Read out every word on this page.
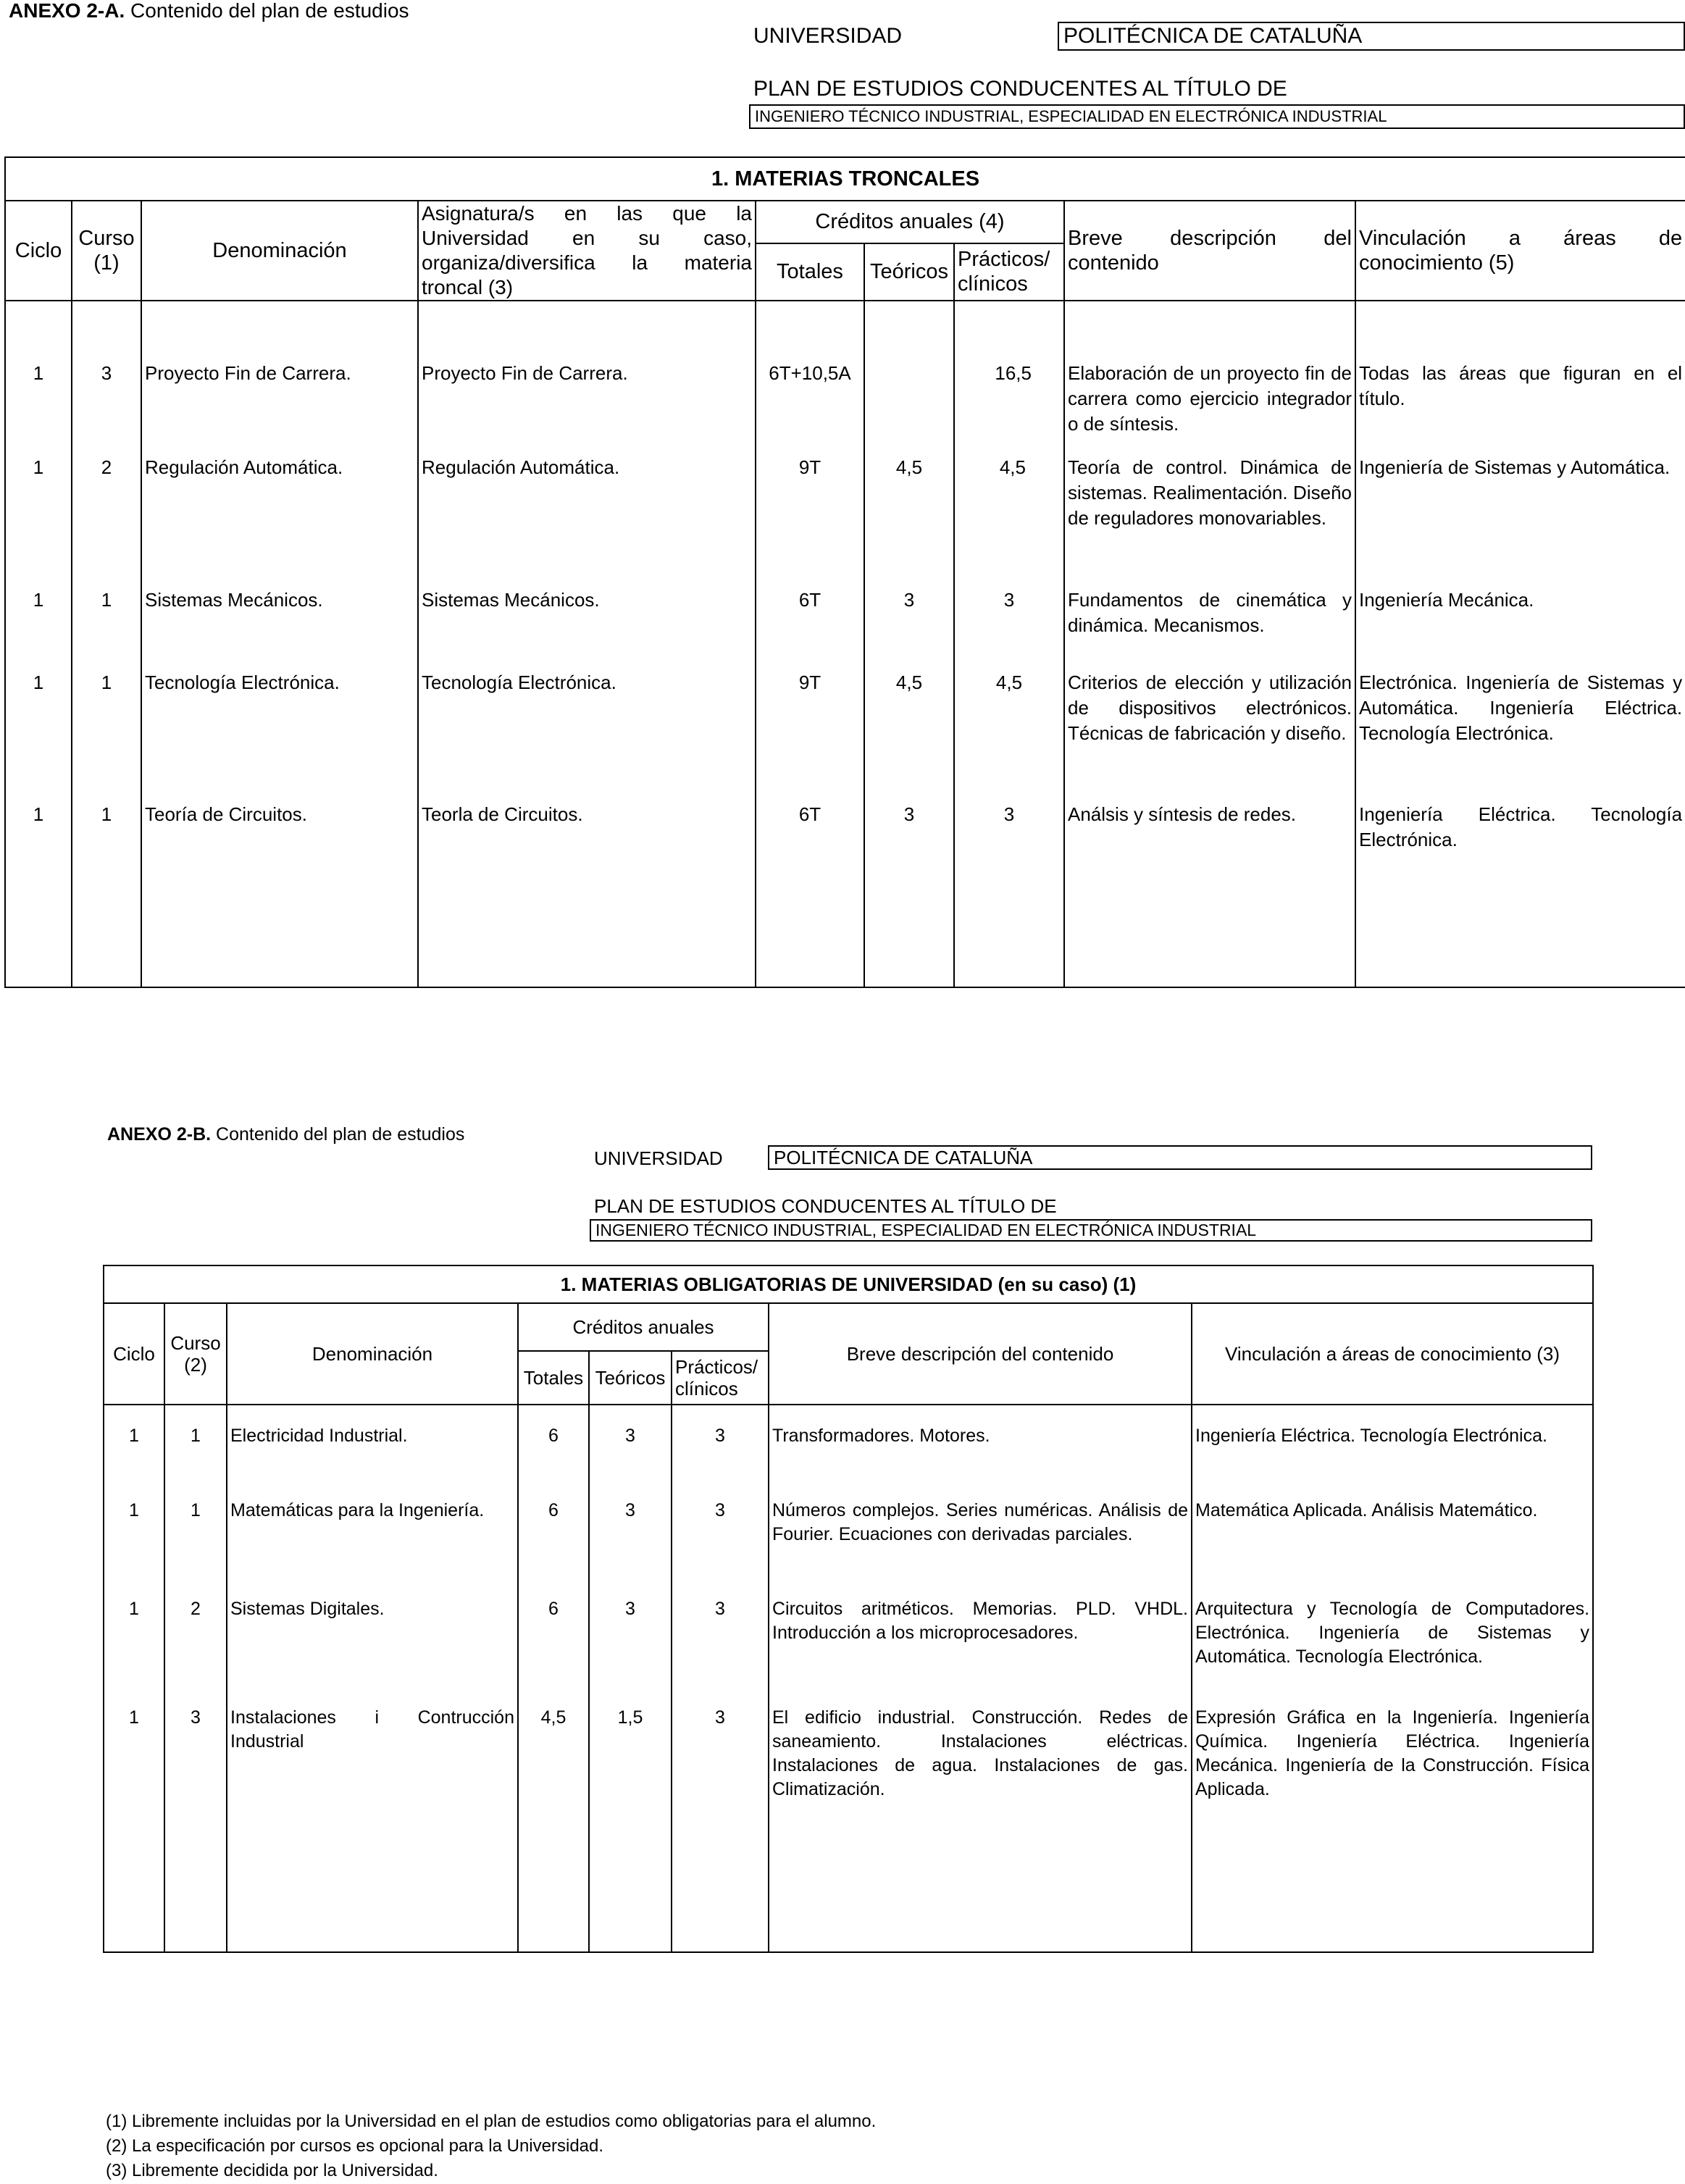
ANEXO 2-A. Contenido del plan de estudios
UNIVERSIDAD	POLITÉCNICA DE CATALUÑA
PLAN DE ESTUDIOS CONDUCENTES AL TÍTULO DE
INGENIERO TÉCNICO INDUSTRIAL, ESPECIALIDAD EN ELECTRÓNICA INDUSTRIAL
1. MATERIAS TRONCALES								
Ciclo	Curso (1)	Denominación	Asignatura/s en las que la Universidad en su caso, organiza/diversifica la materia troncal (3)	Créditos anuales (4)			Breve descripción del contenido	Vinculación a áreas de conocimiento (5)
				Totales	Teóricos	Prácticos/ clínicos		
1	3	Proyecto Fin de Carrera.	Proyecto Fin de Carrera.	6T+10,5A		16,5	Elaboración de un proyecto fin de carrera como ejercicio integrador o de síntesis.	Todas las áreas que figuran en el título.
1	2	Regulación Automática.	Regulación Automática.	9T	4,5	4,5	Teoría de control. Dinámica de sistemas. Realimentación. Diseño de reguladores monovariables.	Ingeniería de Sistemas y Automática.
1	1	Sistemas Mecánicos.	Sistemas Mecánicos.	6T	3	3	Fundamentos de cinemática y dinámica. Mecanismos.	Ingeniería Mecánica.
1	1	Tecnología Electrónica.	Tecnología Electrónica.	9T	4,5	4,5	Criterios de elección y utilización de dispositivos electrónicos. Técnicas de fabricación y diseño.	Electrónica. Ingeniería de Sistemas y Automática. Ingeniería Eléctrica. Tecnología Electrónica.
1	1	Teoría de Circuitos.	Teorla de Circuitos.	6T	3	3	Análsis y síntesis de redes.	Ingeniería Eléctrica. Tecnología Electrónica.
ANEXO 2-B. Contenido del plan de estudios
UNIVERSIDAD	POLITÉCNICA DE CATALUÑA
PLAN DE ESTUDIOS CONDUCENTES AL TÍTULO DE
INGENIERO TÉCNICO INDUSTRIAL, ESPECIALIDAD EN ELECTRÓNICA INDUSTRIAL
1. MATERIAS OBLIGATORIAS DE UNIVERSIDAD (en su caso) (1)							
Ciclo	Curso (2)	Denominación	Créditos anuales			Breve descripción del contenido	Vinculación a áreas de conocimiento (3)
			Totales	Teóricos	Prácticos/ clínicos		
1	1	Electricidad Industrial.	6	3	3	Transformadores. Motores.	Ingeniería Eléctrica. Tecnología Electrónica.
1	1	Matemáticas para la Ingeniería.	6	3	3	Números complejos. Series numéricas. Análisis de Fourier. Ecuaciones con derivadas parciales.	Matemática Aplicada. Análisis Matemático.
1	2	Sistemas Digitales.	6	3	3	Circuitos aritméticos. Memorias. PLD. VHDL. Introducción a los microprocesadores.	Arquitectura y Tecnología de Computadores. Electrónica. Ingeniería de Sistemas y Automática. Tecnología Electrónica.
1	3	Instalaciones i Contrucción Industrial	4,5	1,5	3	El edificio industrial. Construcción. Redes de saneamiento. Instalaciones eléctricas. Instalaciones de agua. Instalaciones de gas. Climatización.	Expresión Gráfica en la Ingeniería. Ingeniería Química. Ingeniería Eléctrica. Ingeniería Mecánica. Ingeniería de la Construcción. Física Aplicada.
(1) Libremente incluidas por la Universidad en el plan de estudios como obligatorias para el alumno.
(2) La especificación por cursos es opcional para la Universidad.
(3) Libremente decidida por la Universidad.
